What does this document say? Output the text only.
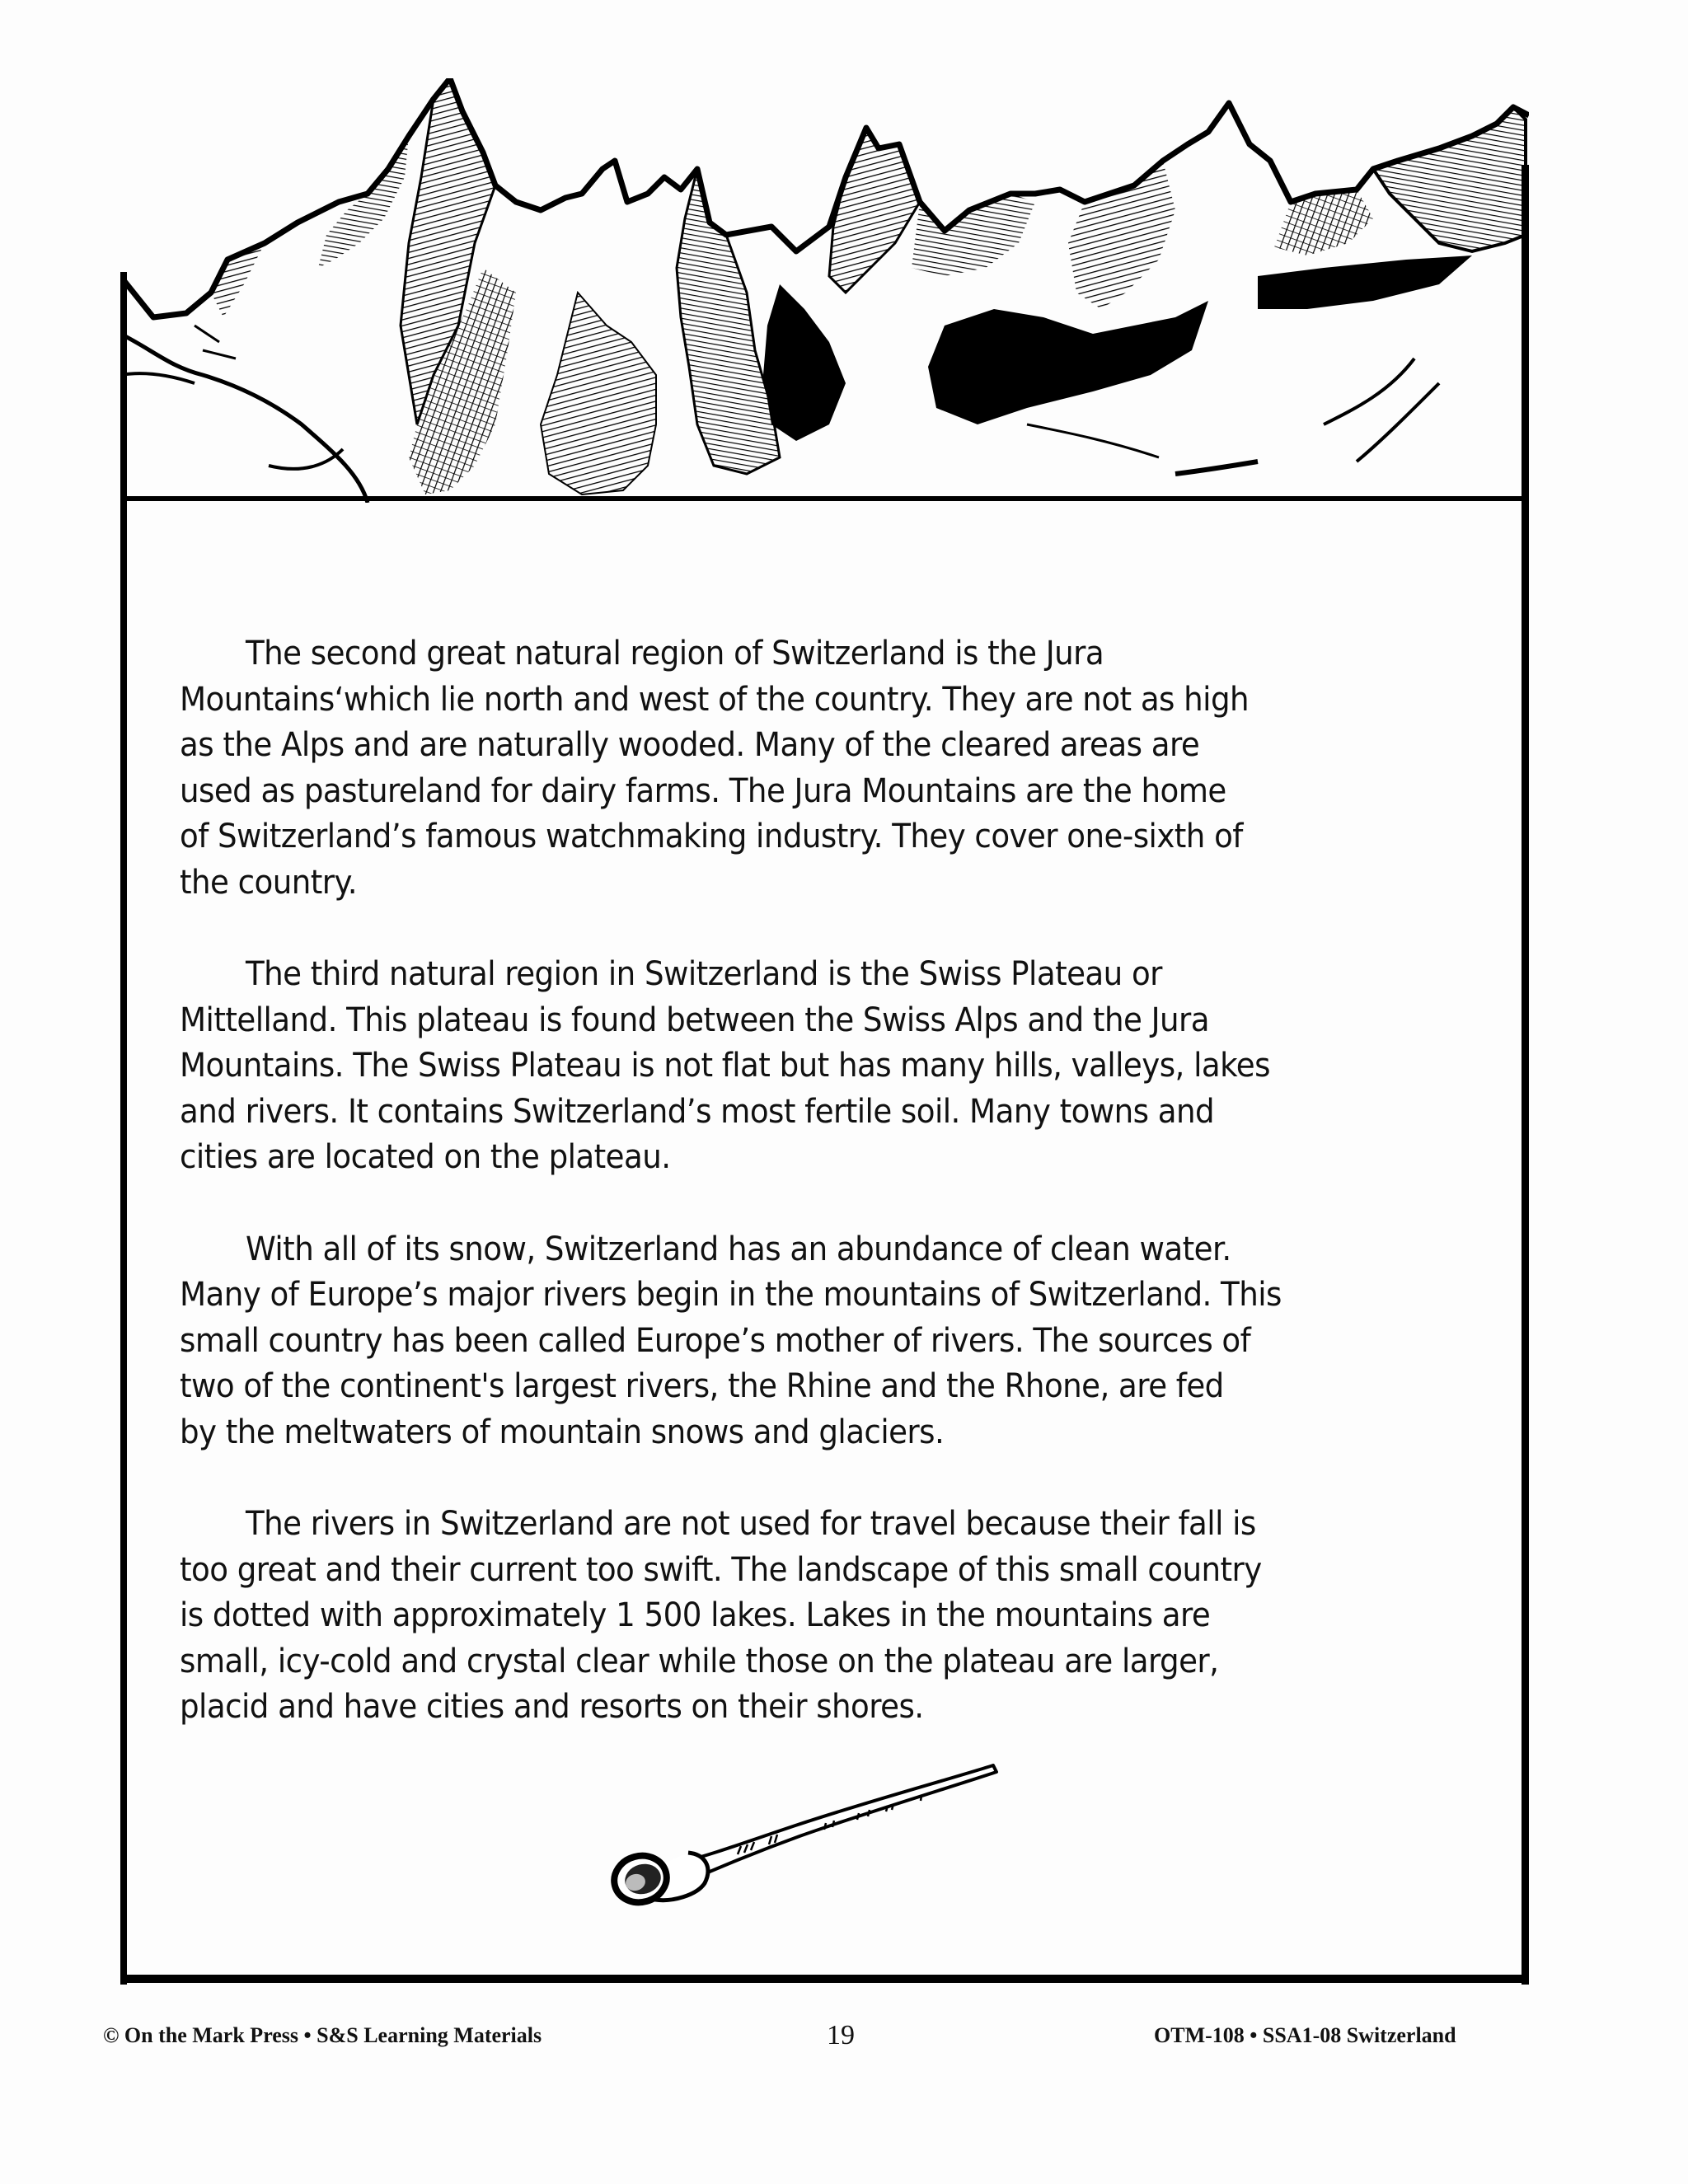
The second great natural region of Switzerland is the Jura
Mountains‘which lie north and west of the country. They are not as high
as the Alps and are naturally wooded. Many of the cleared areas are
used as pastureland for dairy farms. The Jura Mountains are the home
of Switzerland’s famous watchmaking industry. They cover one-sixth of
the country.

The third natural region in Switzerland is the Swiss Plateau or
Mittelland. This plateau is found between the Swiss Alps and the Jura
Mountains. The Swiss Plateau is not flat but has many hills, valleys, lakes
and rivers. It contains Switzerland’s most fertile soil. Many towns and
cities are located on the plateau.

With all of its snow, Switzerland has an abundance of clean water.
Many of Europe’s major rivers begin in the mountains of Switzerland. This
small country has been called Europe’s mother of rivers. The sources of
two of the continent's largest rivers, the Rhine and the Rhone, are fed
by the meltwaters of mountain snows and glaciers.

The rivers in Switzerland are not used for travel because their fall is
too great and their current too swift. The landscape of this small country
is dotted with approximately 1 500 lakes. Lakes in the mountains are
small, icy-cold and crystal clear while those on the plateau are larger,
placid and have cities and resorts on their shores.

© On the Mark Press • S&S Learning Materials	19	OTM-108 • SSA1-08 Switzerland
